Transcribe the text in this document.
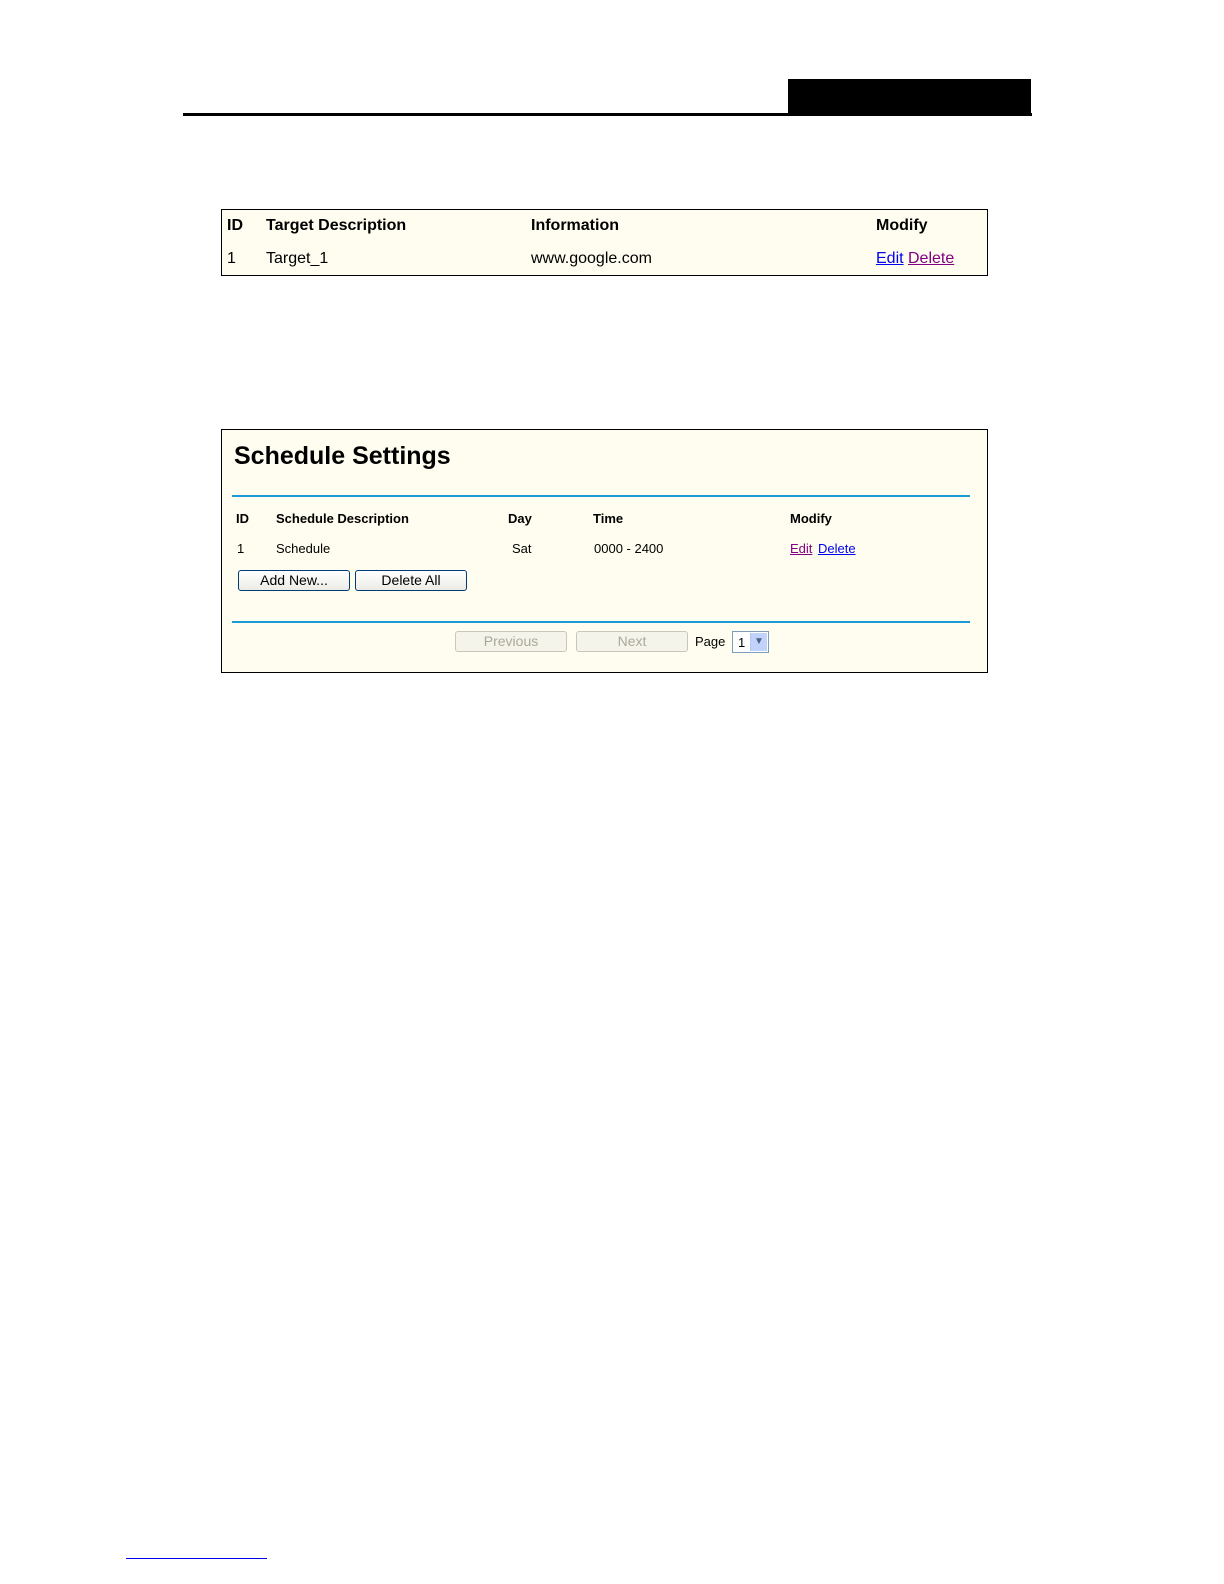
ID Target Description	Information	Modify
1 Target_1	www.google.com	Edit Delete
Schedule Settings
ID Schedule Description	Day	Time	Modify
1 Schedule	Sat	0000 - 2400	Edit Delete
Add New...	Delete All
Previous	Next	Page 1 ▼
